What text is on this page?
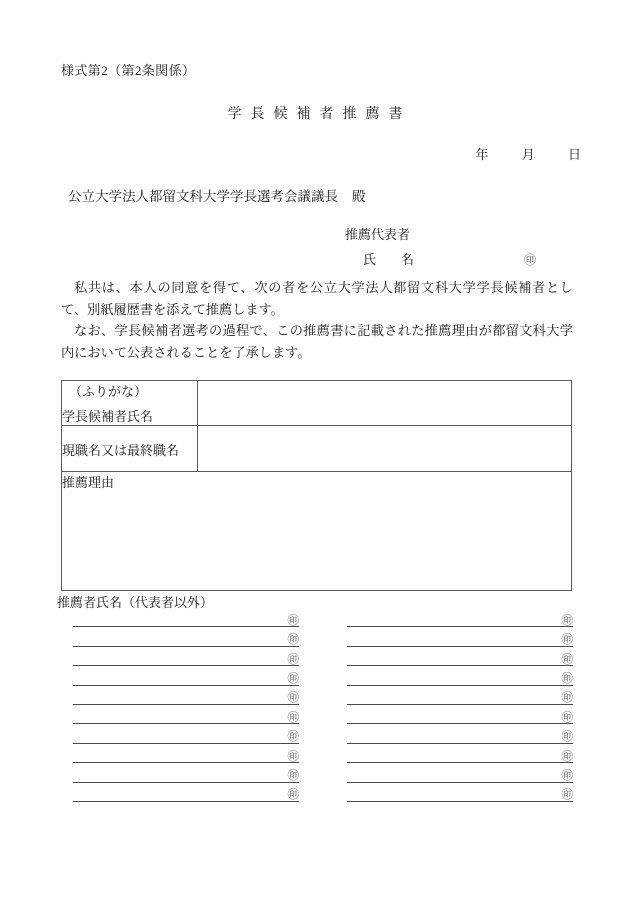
様式第2（第2条関係）
学長候補者推薦書
年	月	日
公立大学法人都留文科大学学長選考会議議長 殿
推薦代表者
氏　名	㊞

私共は、本人の同意を得て、次の者を公立大学法人都留文科大学学長候補者として、別紙履歴書を添えて推薦します。

なお、学長候補者選考の過程で、この推薦書に記載された推薦理由が都留文科大学内において公表されることを了承します。

（ふりがな）
学長候補者氏名	

現職名又は最終職名	
推薦理由	
推薦者氏名（代表者以外）
㊞
㊞
㊞
㊞
㊞
㊞
㊞
㊞
㊞
㊞
㊞
㊞
㊞
㊞
㊞
㊞
㊞
㊞
㊞
㊞
